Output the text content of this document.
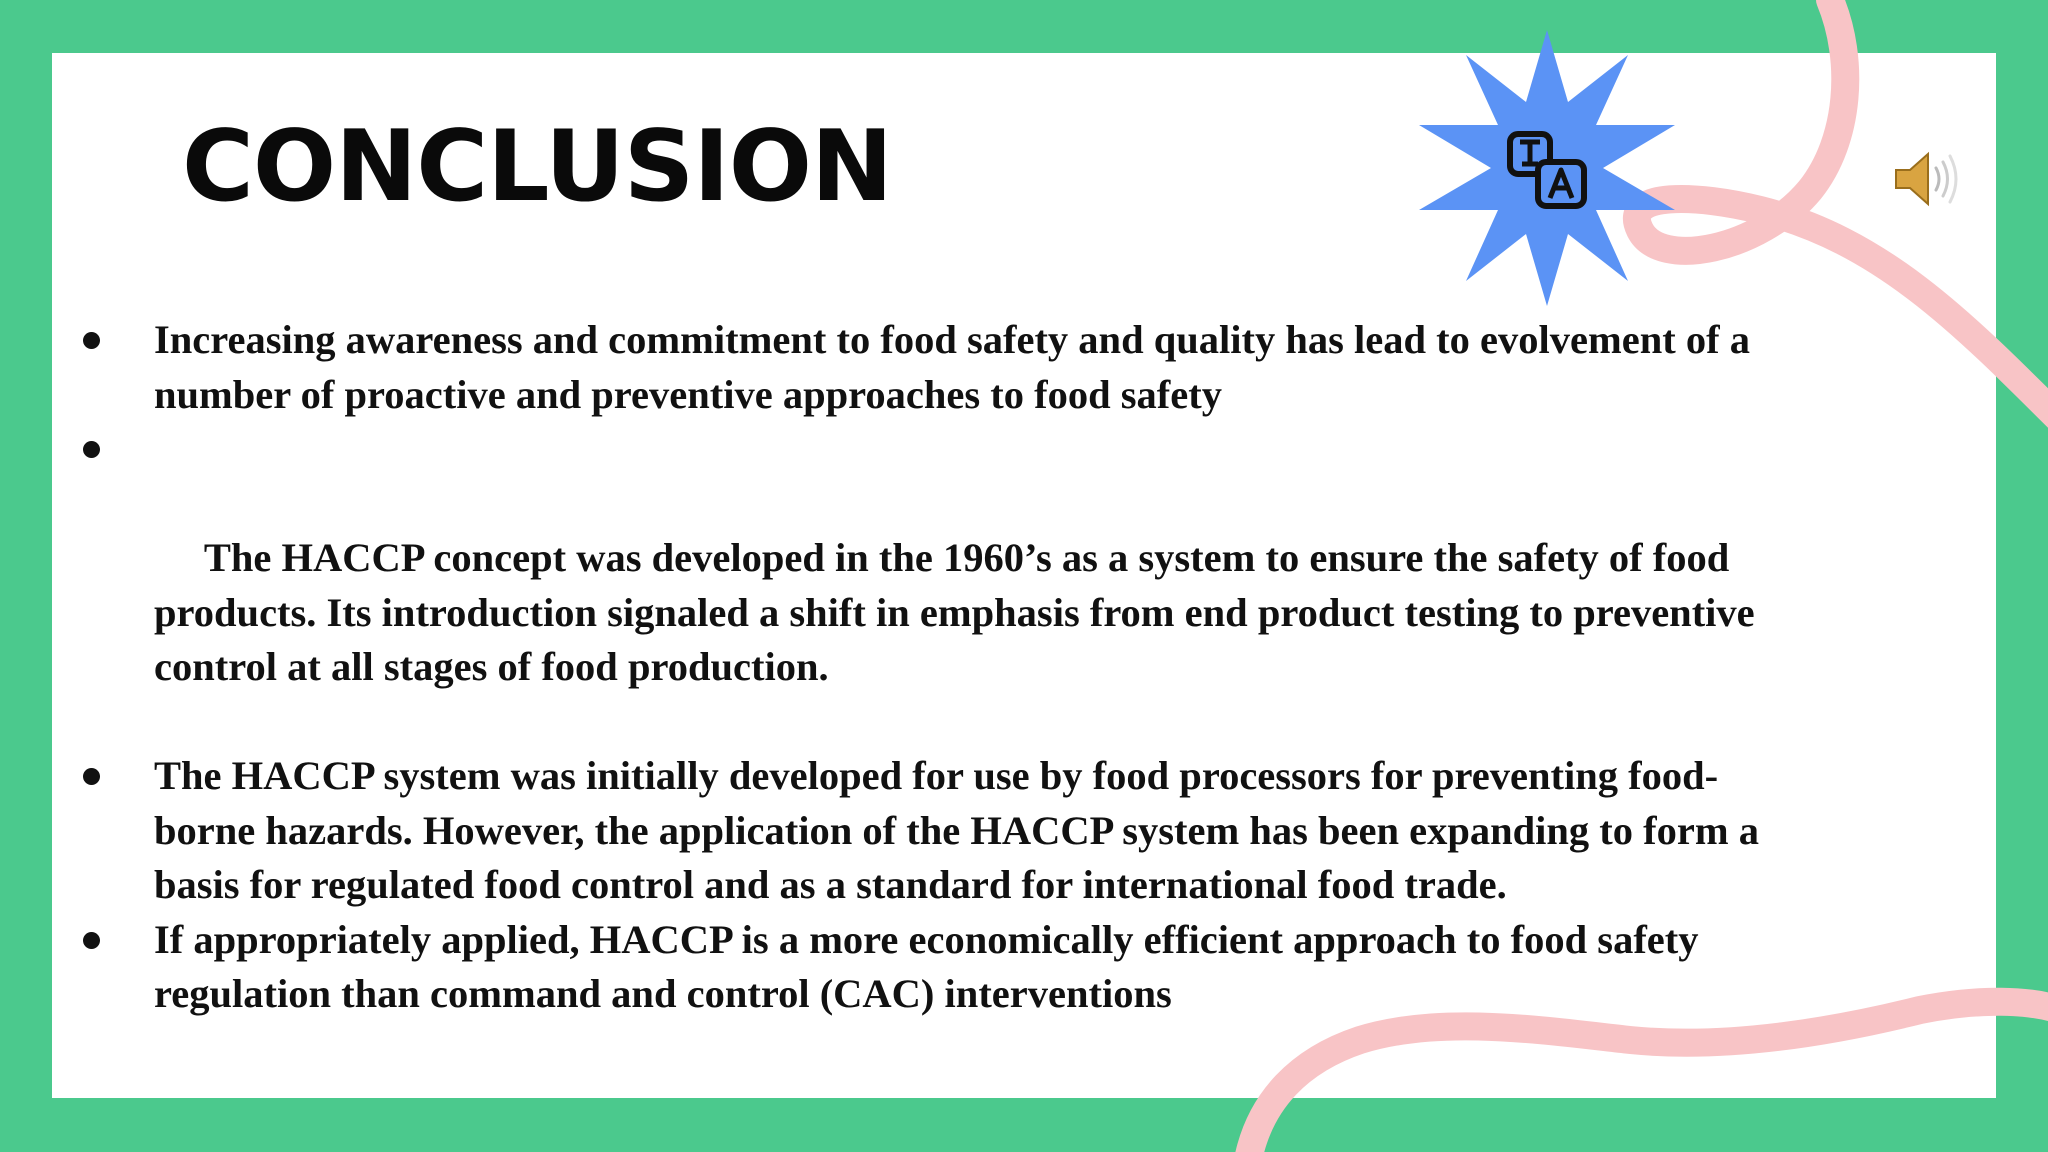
CONCLUSION
Increasing awareness and commitment to food safety and quality has lead to evolvement of a number of proactive and preventive approaches to food safety

The HACCP concept was developed in the 1960’s as a system to ensure the safety of food products. Its introduction signaled a shift in emphasis from end product testing to preventive control at all stages of food production.

The HACCP system was initially developed for use by food processors for preventing food-borne hazards. However, the application of the HACCP system has been expanding to form a basis for regulated food control and as a standard for international food trade.
If appropriately applied, HACCP is a more economically efficient approach to food safety regulation than command and control (CAC) interventions
